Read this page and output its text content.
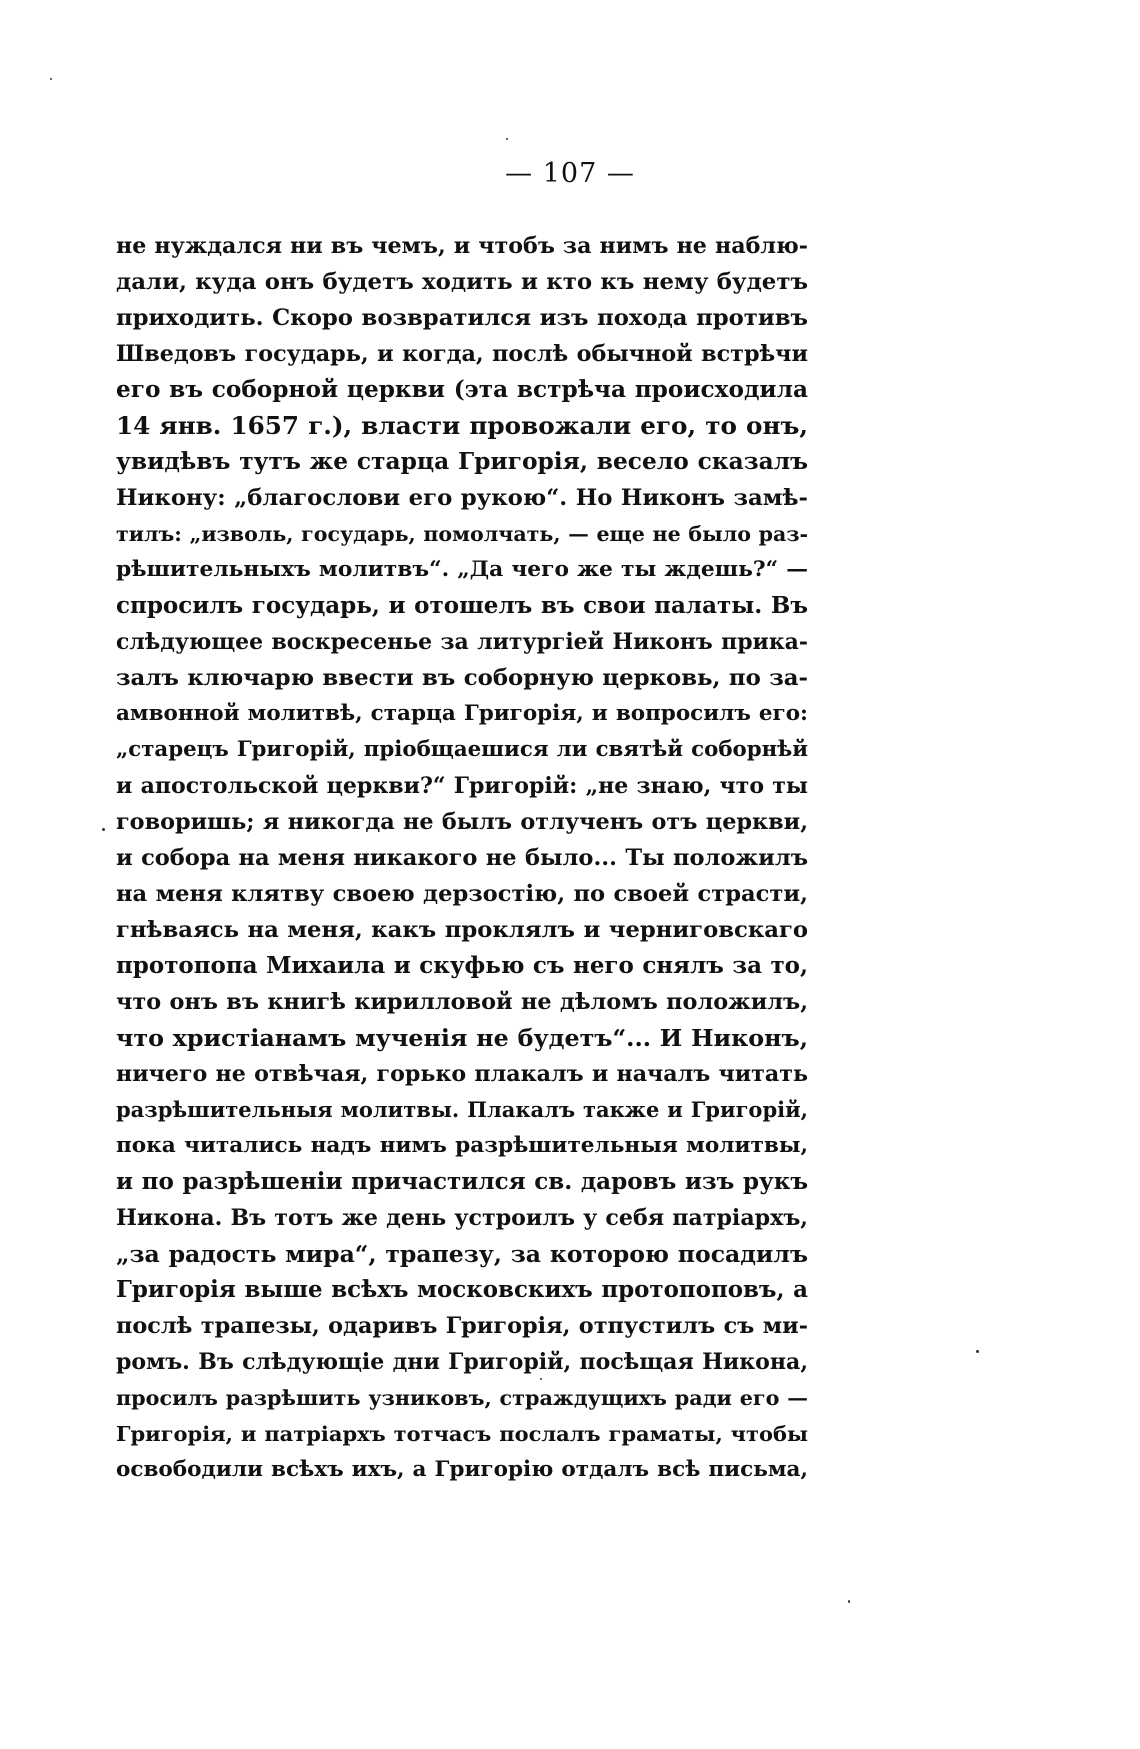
— 107 —
не нуждался ни въ чемъ, и чтобъ за нимъ не наблю-
дали, куда онъ будетъ ходить и кто къ нему будетъ
приходить. Скоро возвратился изъ похода противъ
Шведовъ государь, и когда, послѣ обычной встрѣчи
его въ соборной церкви (эта встрѣча происходила
14 янв. 1657 г.), власти провожали его, то онъ,
увидѣвъ тутъ же старца Григорія, весело сказалъ
Никону: „благослови его рукою“. Но Никонъ замѣ-
тилъ: „изволь, государь, помолчать, — еще не было раз-
рѣшительныхъ молитвъ“. „Да чего же ты ждешь?“ —
спросилъ государь, и отошелъ въ свои палаты. Въ
слѣдующее воскресенье за литургіей Никонъ прика-
залъ ключарю ввести въ соборную церковь, по за-
амвонной молитвѣ, старца Григорія, и вопросилъ его:
„старецъ Григорій, пріобщаешися ли святѣй соборнѣй
и апостольской церкви?“ Григорій: „не знаю, что ты
говоришь; я никогда не былъ отлученъ отъ церкви,
и собора на меня никакого не было... Ты положилъ
на меня клятву своею дерзостію, по своей страсти,
гнѣваясь на меня, какъ проклялъ и черниговскаго
протопопа Михаила и скуфью съ него снялъ за то,
что онъ въ книгѣ кирилловой не дѣломъ положилъ,
что христіанамъ мученія не будетъ“... И Никонъ,
ничего не отвѣчая, горько плакалъ и началъ читать
разрѣшительныя молитвы. Плакалъ также и Григорій,
пока читались надъ нимъ разрѣшительныя молитвы,
и по разрѣшеніи причастился св. даровъ изъ рукъ
Никона. Въ тотъ же день устроилъ у себя патріархъ,
„за радость мира“, трапезу, за которою посадилъ
Григорія выше всѣхъ московскихъ протопоповъ, а
послѣ трапезы, одаривъ Григорія, отпустилъ съ ми-
ромъ. Въ слѣдующіе дни Григорій, посѣщая Никона,
просилъ разрѣшить узниковъ, страждущихъ ради его —
Григорія, и патріархъ тотчасъ послалъ граматы, чтобы
освободили всѣхъ ихъ, а Григорію отдалъ всѣ письма,
